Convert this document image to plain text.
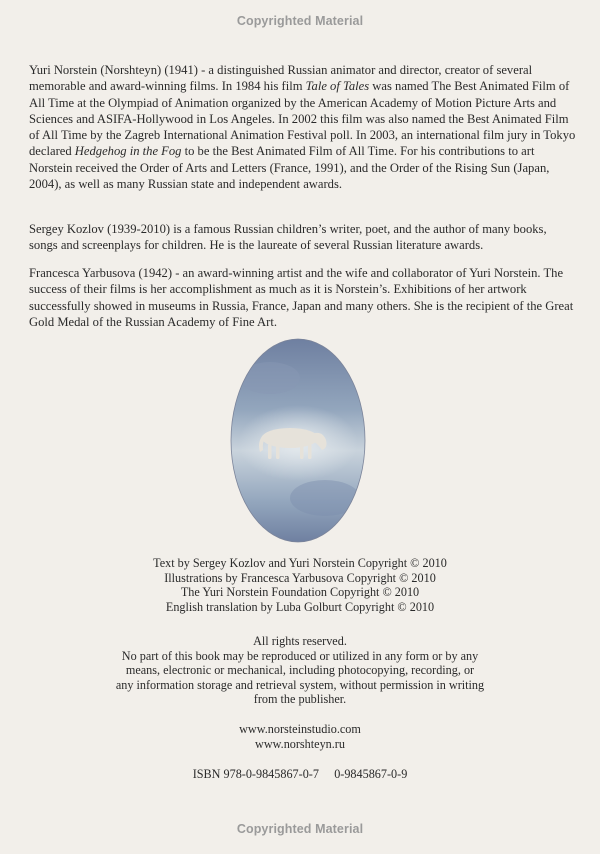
Copyrighted Material

Yuri Norstein (Norshteyn) (1941) - a distinguished Russian animator and director, creator of several memorable and award-winning films. In 1984 his film Tale of Tales was named The Best Animated Film of All Time at the Olympiad of Animation organized by the American Academy of Motion Picture Arts and Sciences and ASIFA-Hollywood in Los Angeles. In 2002 this film was also named the Best Animated Film of All Time by the Zagreb International Animation Festival poll. In 2003, an international film jury in Tokyo declared Hedgehog in the Fog to be the Best Animated Film of All Time. For his contributions to art Norstein received the Order of Arts and Letters (France, 1991), and the Order of the Rising Sun (Japan, 2004), as well as many Russian state and independent awards.

Sergey Kozlov (1939-2010) is a famous Russian children’s writer, poet, and the author of many books, songs and screenplays for children. He is the laureate of several Russian literature awards.

Francesca Yarbusova (1942) - an award-winning artist and the wife and collaborator of Yuri Norstein. The success of their films is her accomplishment as much as it is Norstein’s. Exhibitions of her artwork successfully showed in museums in Russia, France, Japan and many others. She is the recipient of the Great Gold Medal of the Russian Academy of Fine Art.

Text by Sergey Kozlov and Yuri Norstein Copyright © 2010
Illustrations by Francesca Yarbusova Copyright © 2010
The Yuri Norstein Foundation Copyright © 2010
English translation by Luba Golburt Copyright © 2010

All rights reserved.
No part of this book may be reproduced or utilized in any form or by any
means, electronic or mechanical, including photocopying, recording, or
any information storage and retrieval system, without permission in writing
from the publisher.

www.norsteinstudio.com
www.norshteyn.ru

ISBN 978-0-9845867-0-7     0-9845867-0-9

Copyrighted Material
